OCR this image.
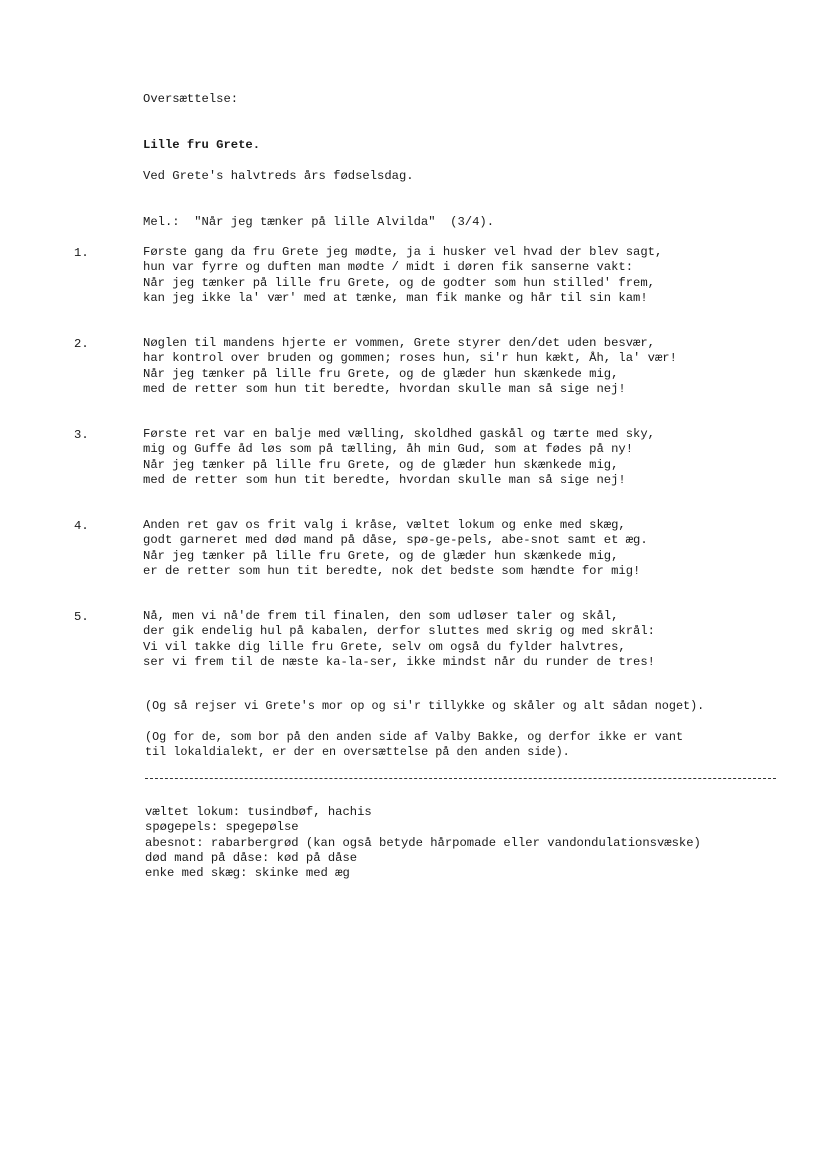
Oversættelse:
Lille fru Grete.
Ved Grete's halvtreds års fødselsdag.
Mel.:  "Når jeg tænker på lille Alvilda"  (3/4).
1.	Første gang da fru Grete jeg mødte, ja i husker vel hvad der blev sagt,
hun var fyrre og duften man mødte / midt i døren fik sanserne vakt:
Når jeg tænker på lille fru Grete, og de godter som hun stilled' frem,
kan jeg ikke la' vær' med at tænke, man fik manke og hår til sin kam!
2.	Nøglen til mandens hjerte er vommen, Grete styrer den/det uden besvær,
har kontrol over bruden og gommen; roses hun, si'r hun kækt, Åh, la' vær!
Når jeg tænker på lille fru Grete, og de glæder hun skænkede mig,
med de retter som hun tit beredte, hvordan skulle man så sige nej!
3.	Første ret var en balje med vælling, skoldhed gaskål og tærte med sky,
mig og Guffe åd løs som på tælling, åh min Gud, som at fødes på ny!
Når jeg tænker på lille fru Grete, og de glæder hun skænkede mig,
med de retter som hun tit beredte, hvordan skulle man så sige nej!
4.	Anden ret gav os frit valg i kråse, væltet lokum og enke med skæg,
godt garneret med død mand på dåse, spø-ge-pels, abe-snot samt et æg.
Når jeg tænker på lille fru Grete, og de glæder hun skænkede mig,
er de retter som hun tit beredte, nok det bedste som hændte for mig!
5.	Nå, men vi nå'de frem til finalen, den som udløser taler og skål,
der gik endelig hul på kabalen, derfor sluttes med skrig og med skrål:
Vi vil takke dig lille fru Grete, selv om også du fylder halvtres,
ser vi frem til de næste ka-la-ser, ikke mindst når du runder de tres!
(Og så rejser vi Grete's mor op og si'r tillykke og skåler og alt sådan noget).
(Og for de, som bor på den anden side af Valby Bakke, og derfor ikke er vant
til lokaldialekt, er der en oversættelse på den anden side).
væltet lokum: tusindbøf, hachis
spøgepels: spegepølse
abesnot: rabarbergrød (kan også betyde hårpomade eller vandondulationsvæske)
død mand på dåse: kød på dåse
enke med skæg: skinke med æg
